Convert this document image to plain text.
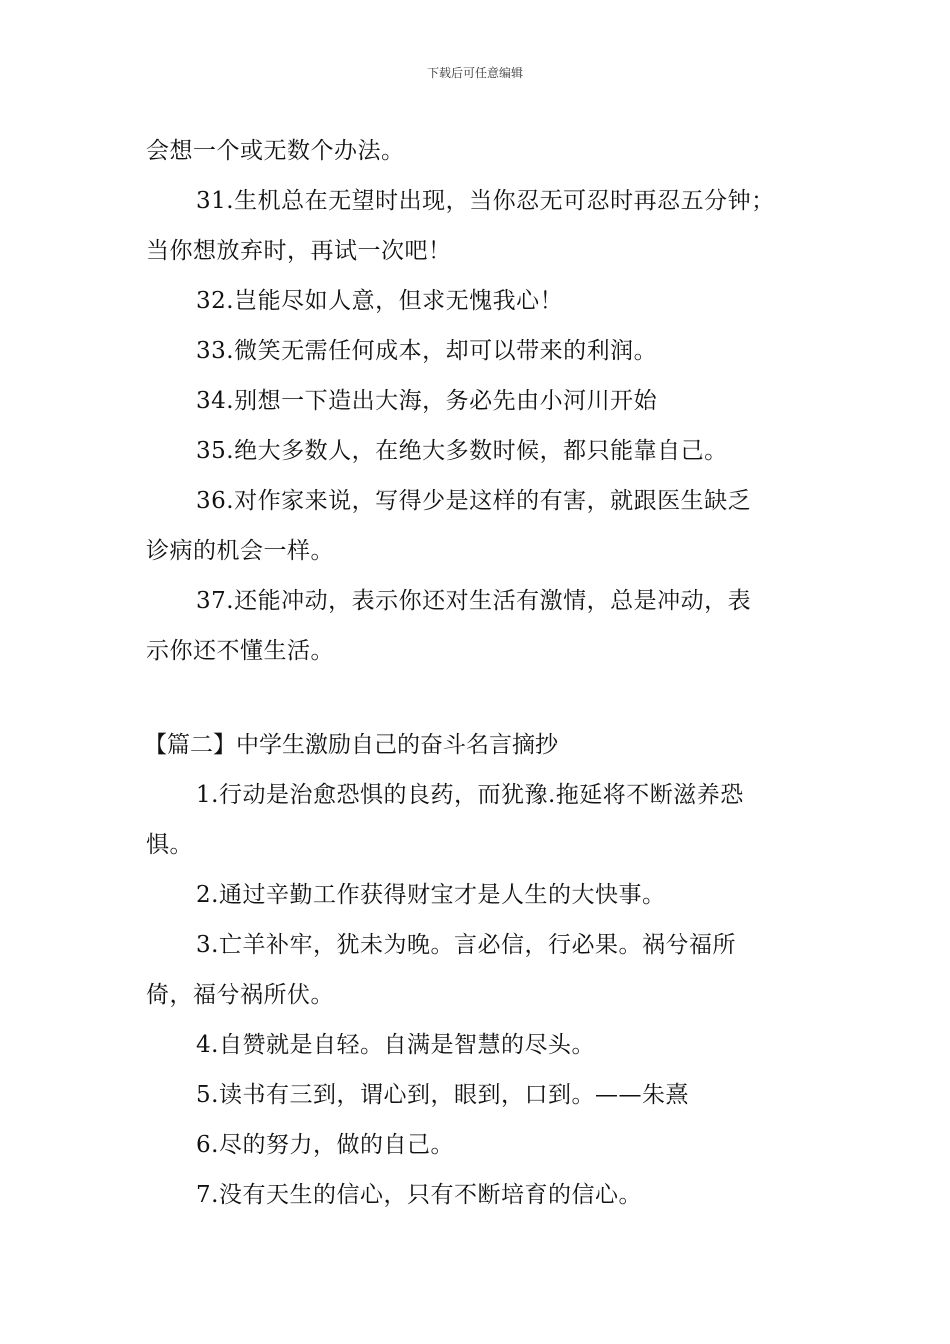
下载后可任意编辑
会想一个或无数个办法。
31.生机总在无望时出现，当你忍无可忍时再忍五分钟；
当你想放弃时，再试一次吧！
32.岂能尽如人意，但求无愧我心！
33.微笑无需任何成本，却可以带来的利润。
34.别想一下造出大海，务必先由小河川开始
35.绝大多数人，在绝大多数时候，都只能靠自己。
36.对作家来说，写得少是这样的有害，就跟医生缺乏
诊病的机会一样。
37.还能冲动，表示你还对生活有激情，总是冲动，表
示你还不懂生活。
【篇二】中学生激励自己的奋斗名言摘抄
1.行动是治愈恐惧的良药，而犹豫.拖延将不断滋养恐
惧。
2.通过辛勤工作获得财宝才是人生的大快事。
3.亡羊补牢，犹未为晚。言必信，行必果。祸兮福所
倚，福兮祸所伏。
4.自赞就是自轻。自满是智慧的尽头。
5.读书有三到，谓心到，眼到，口到。——朱熹
6.尽的努力，做的自己。
7.没有天生的信心，只有不断培育的信心。
